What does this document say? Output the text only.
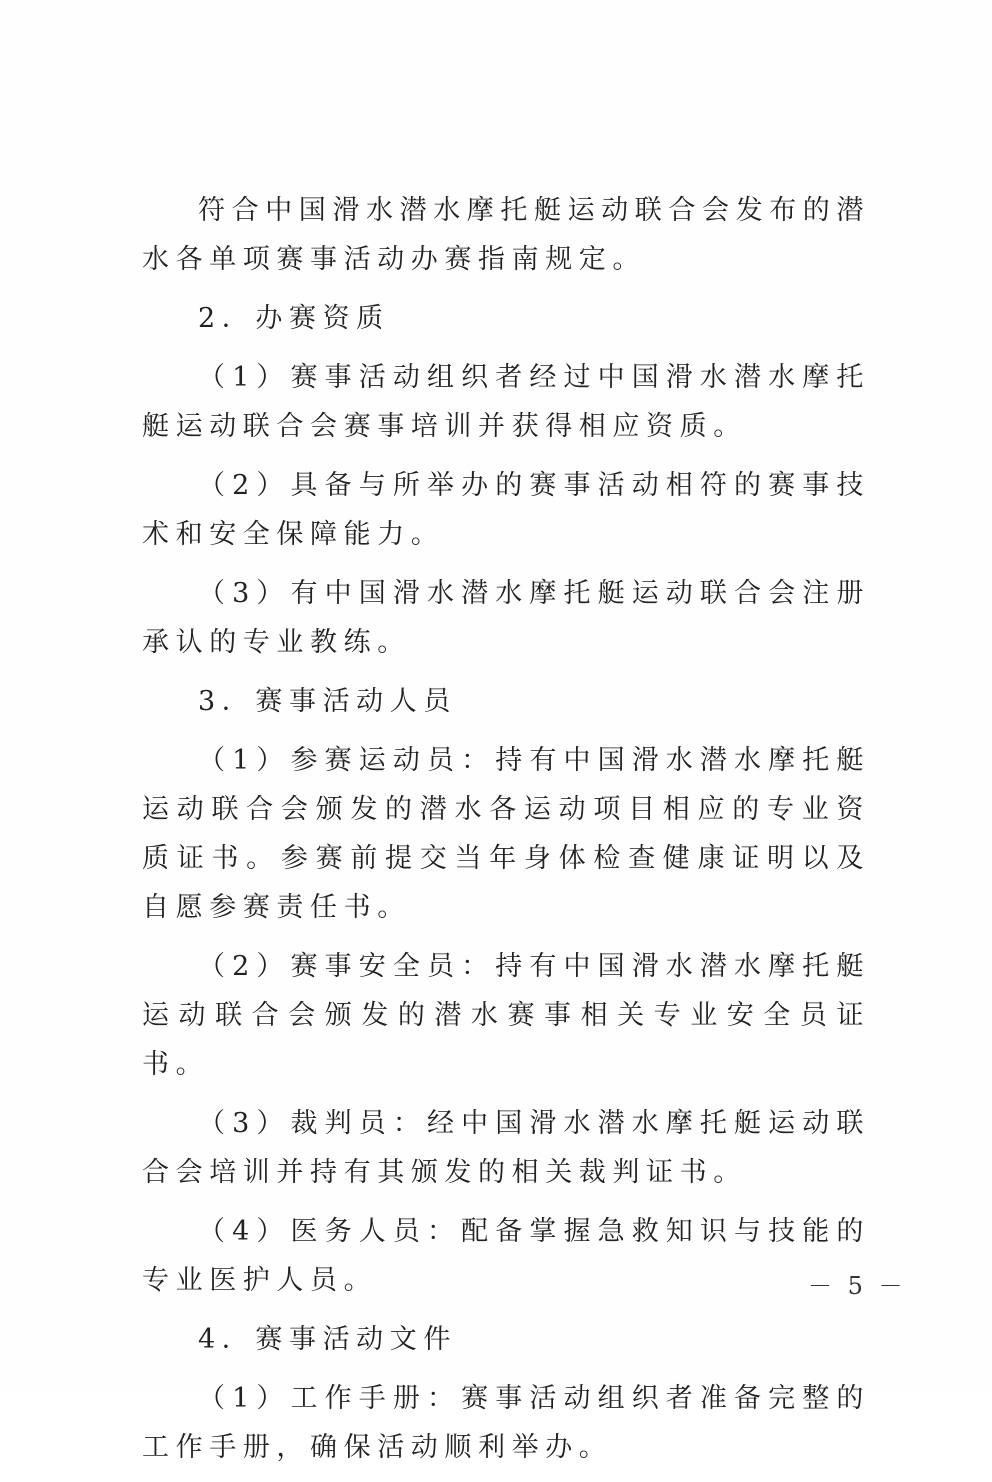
符合中国滑水潜水摩托艇运动联合会发布的潜水各单项赛事活动办赛指南规定。

2．办赛资质

（1）赛事活动组织者经过中国滑水潜水摩托艇运动联合会赛事培训并获得相应资质。

（2）具备与所举办的赛事活动相符的赛事技术和安全保障能力。

（3）有中国滑水潜水摩托艇运动联合会注册承认的专业教练。

3．赛事活动人员

（1）参赛运动员：持有中国滑水潜水摩托艇运动联合会颁发的潜水各运动项目相应的专业资质证书。参赛前提交当年身体检查健康证明以及自愿参赛责任书。

（2）赛事安全员：持有中国滑水潜水摩托艇运动联合会颁发的潜水赛事相关专业安全员证书。

（3）裁判员：经中国滑水潜水摩托艇运动联合会培训并持有其颁发的相关裁判证书。

（4）医务人员：配备掌握急救知识与技能的专业医护人员。

4．赛事活动文件

（1）工作手册：赛事活动组织者准备完整的工作手册，确保活动顺利举办。

－ 5 －
